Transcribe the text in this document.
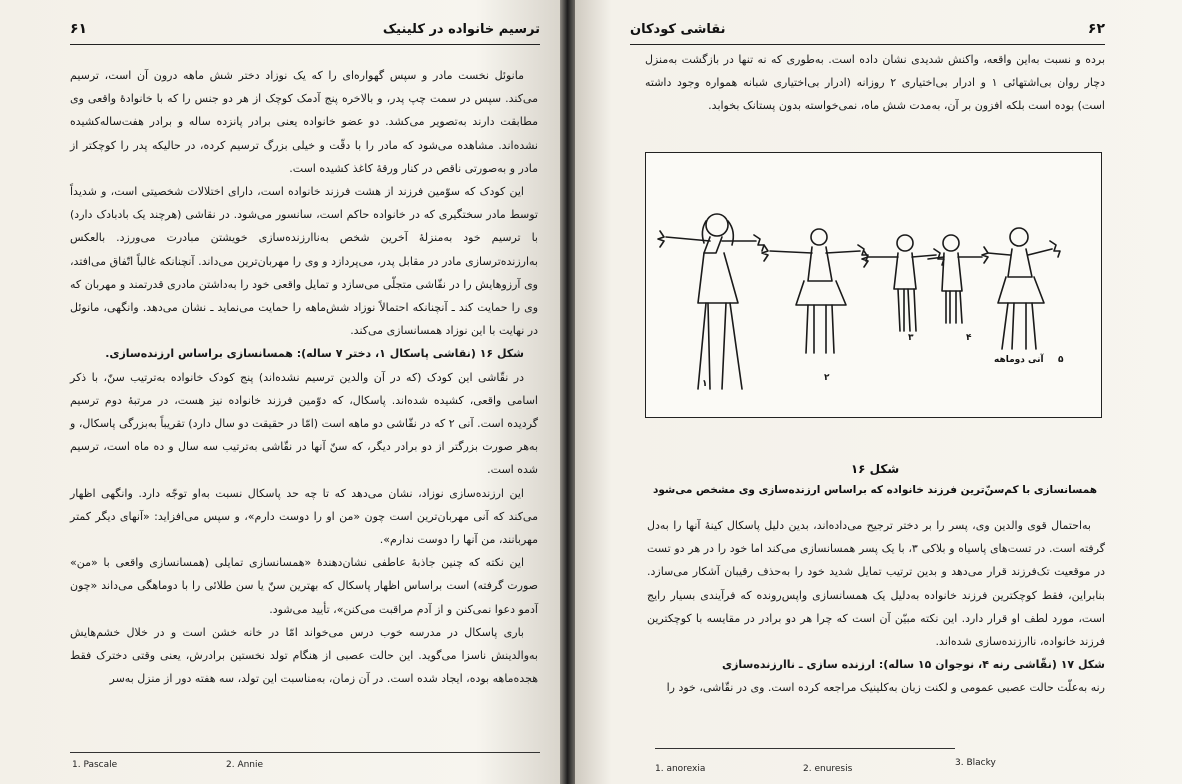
ترسیم خانواده در کلینیک
۶۱

مانوئل نخست مادر و سپس گهواره‌ای را که یک نوزاد دختر شش ماهه درون آن است، ترسیم می‌کند. سپس در سمت چپ پدر، و بالاخره پنج آدمک کوچک از هر دو جنس را که با خانوادهٔ واقعی وی مطابقت دارند به‌تصویر می‌کشد. دو عضو خانواده یعنی برادر پانزده ساله و برادر هفت‌ساله‌کشیده نشده‌اند. مشاهده می‌شود که مادر را با دقّت و خیلی بزرگ ترسیم کرده، در حالیکه پدر را کوچکتر از مادر و به‌صورتی ناقص در کنار ورقهٔ کاغذ کشیده است.

این کودک که سوّمین فرزند از هشت فرزند خانواده است، دارای اختلالات شخصیتی است، و شدیداً توسط مادر سختگیری که در خانواده حاکم است، سانسور می‌شود. در نقاشی (هرچند یک بادبادک دارد) با ترسیم خود به‌منزلهٔ آخرین شخص به‌ناارزنده‌سازی خویشتن مبادرت می‌ورزد. بالعکس به‌ارزنده‌ترسازی مادر در مقابل پدر، می‌پردازد و وی را مهربان‌ترین می‌داند. آنچنانکه غالباً اتّفاق می‌افتد، وی آرزوهایش را در نقّاشی متجلّی می‌سازد و تمایل واقعی خود را به‌داشتن مادری قدرتمند و مهربان که وی را حمایت کند ـ آنچنانکه احتمالاً نوزاد شش‌ماهه را حمایت می‌نماید ـ نشان می‌دهد. وانگهی، مانوئل در نهایت با این نوزاد همسانسازی می‌کند.

شکل ۱۶ (نقاشی پاسکال ۱، دختر ۷ ساله): همسانسازی براساس ارزنده‌سازی.

در نقّاشی این کودک (که در آن والدین ترسیم نشده‌اند) پنج کودک خانواده به‌ترتیب سنّ، با ذکر اسامی واقعی، کشیده شده‌اند. پاسکال، که دوّمین فرزند خانواده نیز هست، در مرتبهٔ دوم ترسیم گردیده است. آنی ۲ که در نقّاشی دو ماهه است (امّا در حقیقت دو سال دارد) تقریباً به‌بزرگی پاسکال، و به‌هر صورت بزرگتر از دو برادر دیگر، که سنّ آنها در نقّاشی به‌ترتیب سه سال و ده ماه است، ترسیم شده است.

این ارزنده‌سازی نوزاد، نشان می‌دهد که تا چه حد پاسکال نسبت به‌او توجّه دارد. وانگهی اظهار می‌کند که آنی مهربان‌ترین است چون «من او را دوست دارم»، و سپس می‌افزاید: «آنهای دیگر کمتر مهربانند، من آنها را دوست ندارم».

این نکته که چنین جاذبهٔ عاطفی نشان‌دهندهٔ «همسانسازی تمایلی (همسانسازی واقعی با «من» صورت گرفته) است براساس اظهار پاسکال که بهترین سنّ یا سن طلائی را با دوماهگی می‌داند «چون آدمو دعوا نمی‌کنن و از آدم مراقبت می‌کنن»، تأیید می‌شود.

باری پاسکال در مدرسه خوب درس می‌خواند امّا در خانه خشن است و در خلال خشم‌هایش به‌والدینش ناسزا می‌گوید. این حالت عصبی از هنگام تولد نخستین برادرش، یعنی وقتی دخترک فقط هجده‌ماهه بوده، ایجاد شده است. در آن زمان، به‌مناسبت این تولد، سه هفته دور از منزل به‌سر

1. Pascale	2. Annie
نقاشی کودکان	۶۲

برده و نسبت به‌این واقعه، واکنش شدیدی نشان داده است. به‌طوری که نه تنها در بازگشت به‌منزل دچار روان بی‌اشتهائی ۱ و ادرار بی‌اختیاری ۲ روزانه (ادرار بی‌اختیاری شبانه همواره وجود داشته است) بوده است بلکه افزون بر آن، به‌مدت شش ماه، نمی‌خواسته بدون پستانک بخوابد.

۱
۲
۳	۴
۵
آنی دوماهه
شکل ۱۶
همسانسازی با کم‌سنّ‌ترین فرزند خانواده که براساس ارزنده‌سازی وی مشخص می‌شود

به‌احتمال قوی والدین وی، پسر را بر دختر ترجیح می‌داده‌اند، بدین دلیل پاسکال کینهٔ آنها را به‌دل گرفته است. در تست‌های پاسیاه و بلاکی ۳، با یک پسر همسانسازی می‌کند اما خود را در هر دو تست در موقعیت تک‌فرزند قرار می‌دهد و بدین ترتیب تمایل شدید خود را به‌حذف رقیبان آشکار می‌سازد. بنابراین، فقط کوچکترین فرزند خانواده به‌دلیل یک همسانسازی واپس‌رونده که فرآیندی بسیار رایج است، مورد لطف او قرار دارد. این نکته مبیّن آن است که چرا هر دو برادر در مقایسه با کوچکترین فرزند خانواده، ناارزنده‌سازی شده‌اند.

شکل ۱۷ (نقّاشی رنه ۴، نوجوان ۱۵ ساله): ارزنده سازی ـ ناارزنده‌سازی

رنه به‌علّت حالت عصبی عمومی و لکنت زبان به‌کلینیک مراجعه کرده است. وی در نقّاشی، خود را

1. anorexia	2. enuresis
3. Blacky
